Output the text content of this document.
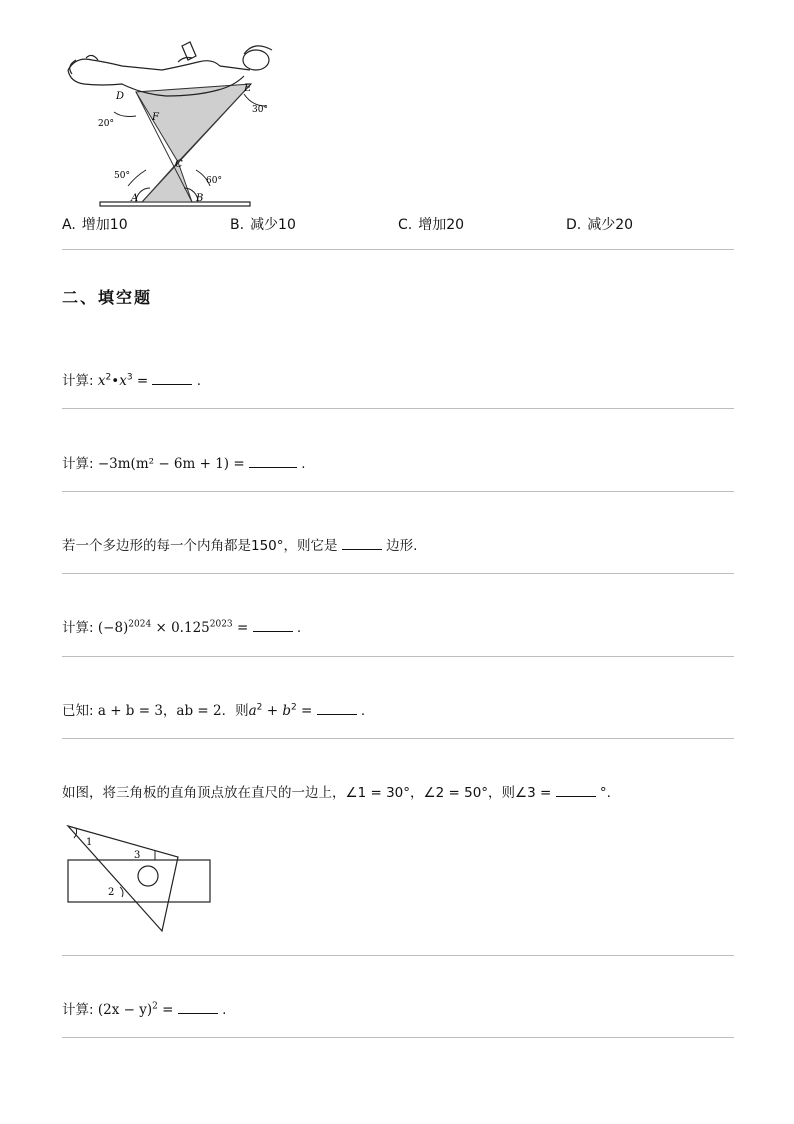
D
E
F
C
A	B
20°
30°
50°	60°
A. 增加10	B. 减少10	C. 增加20	D. 减少20
二、填空题
计算: $x^2•x^3$ =	.
计算: −3m(m² − 6m + 1) =	.
若一个多边形的每一个内角都是150°，则它是	边形.
计算: $(-8)^{2024} \times 0.125^{2023}$ =	.
已知: a + b = 3，ab = 2．则$a^2 + b^2$ =	.
如图，将三角板的直角顶点放在直尺的一边上，∠1 = 30°，∠2 = 50°，则∠3 =	°.
1
2
3
计算: $(2x - y)^2$ =	.
